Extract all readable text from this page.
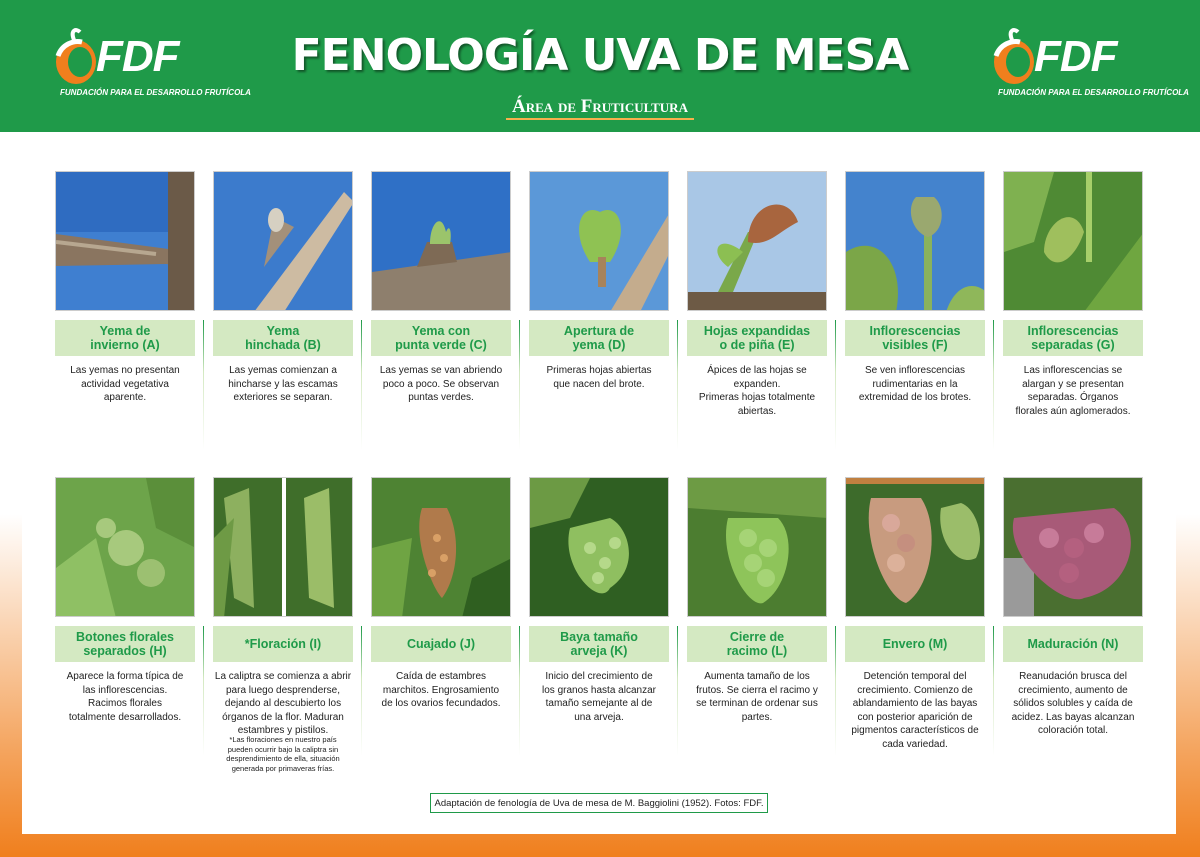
FDF
FUNDACIÓN PARA EL DESARROLLO FRUTÍCOLA
FENOLOGÍA UVA DE MESA
Área de Fruticultura
FDF
FUNDACIÓN PARA EL DESARROLLO FRUTÍCOLA
Yema de
invierno (A)
Las yemas no presentan
actividad vegetativa
aparente.
Yema
hinchada (B)
Las yemas comienzan a
hincharse y las escamas
exteriores se separan.
Yema con
punta verde (C)
Las yemas se van abriendo
poco a poco. Se observan
puntas verdes.
Apertura de
yema (D)
Primeras hojas abiertas
que nacen del brote.
Hojas expandidas
o de piña (E)
Ápices de las hojas se
expanden.
Primeras hojas totalmente
abiertas.
Inflorescencias
visibles (F)
Se ven inflorescencias
rudimentarias en la
extremidad de los brotes.
Inflorescencias
separadas (G)
Las inflorescencias se
alargan y se presentan
separadas. Órganos
florales aún aglomerados.
Botones florales
separados (H)
Aparece la forma típica de
las inflorescencias.
Racimos florales
totalmente desarrollados.
*Floración (I)
La caliptra se comienza a abrir
para luego desprenderse,
dejando al descubierto los
órganos de la flor. Maduran
estambres y pistilos.
*Las floraciones en nuestro país pueden ocurrir bajo la caliptra sin desprendimiento de ella, situación generada por primaveras frías.
Cuajado (J)
Caída de estambres
marchitos. Engrosamiento
de los ovarios fecundados.
Baya tamaño
arveja (K)
Inicio del crecimiento de
los granos hasta alcanzar
tamaño semejante al de
una arveja.
Cierre de
racimo (L)
Aumenta tamaño de los
frutos. Se cierra el racimo y
se terminan de ordenar sus
partes.
Envero (M)
Detención temporal del
crecimiento. Comienzo de
ablandamiento de las bayas
con posterior aparición de
pigmentos característicos de
cada variedad.
Maduración (N)
Reanudación brusca del
crecimiento, aumento de
sólidos solubles y caída de
acidez. Las bayas alcanzan
coloración total.
Adaptación de fenología de Uva de mesa de M. Baggiolini (1952). Fotos: FDF.
